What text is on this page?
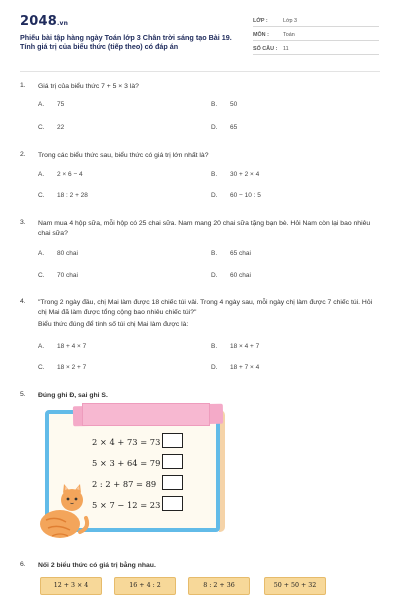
2048.vn
Phiếu bài tập hàng ngày Toán lớp 3 Chân trời sáng tạo Bài 19. Tính giá trị của biểu thức (tiếp theo) có đáp án
LỚP :	Lớp 3
MÔN :	Toán
SỐ CÂU : 11
1. Giá trị của biểu thức 7 + 5 × 3 là?
A. 75	B. 50
C. 22	D. 65
2. Trong các biểu thức sau, biểu thức có giá trị lớn nhất là?
A. 2 × 6 − 4	B. 30 + 2 × 4
C. 18 : 2 + 28	D. 60 − 10 : 5
3. Nam mua 4 hộp sữa, mỗi hộp có 25 chai sữa. Nam mang 20 chai sữa tặng bạn bè. Hỏi Nam còn lại bao nhiêu chai sữa?
A. 80 chai	B. 65 chai
C. 70 chai	D. 60 chai
4. "Trong 2 ngày đầu, chị Mai làm được 18 chiếc túi vải. Trong 4 ngày sau, mỗi ngày chị làm được 7 chiếc túi. Hỏi chị Mai đã làm được tổng cộng bao nhiêu chiếc túi?"
Biểu thức đúng để tính số túi chị Mai làm được là:
A. 18 + 4 × 7	B. 18 × 4 + 7
C. 18 × 2 + 7	D. 18 + 7 × 4
5. Đúng ghi Đ, sai ghi S.
2 × 4 + 73 = 73
5 × 3 + 64 = 79
2 : 2 + 87 = 89
5 × 7 − 12 = 23
6. Nối 2 biểu thức có giá trị bằng nhau.
12 + 3 × 4	16 + 4 : 2	8 : 2 + 36	50 + 50 + 32
